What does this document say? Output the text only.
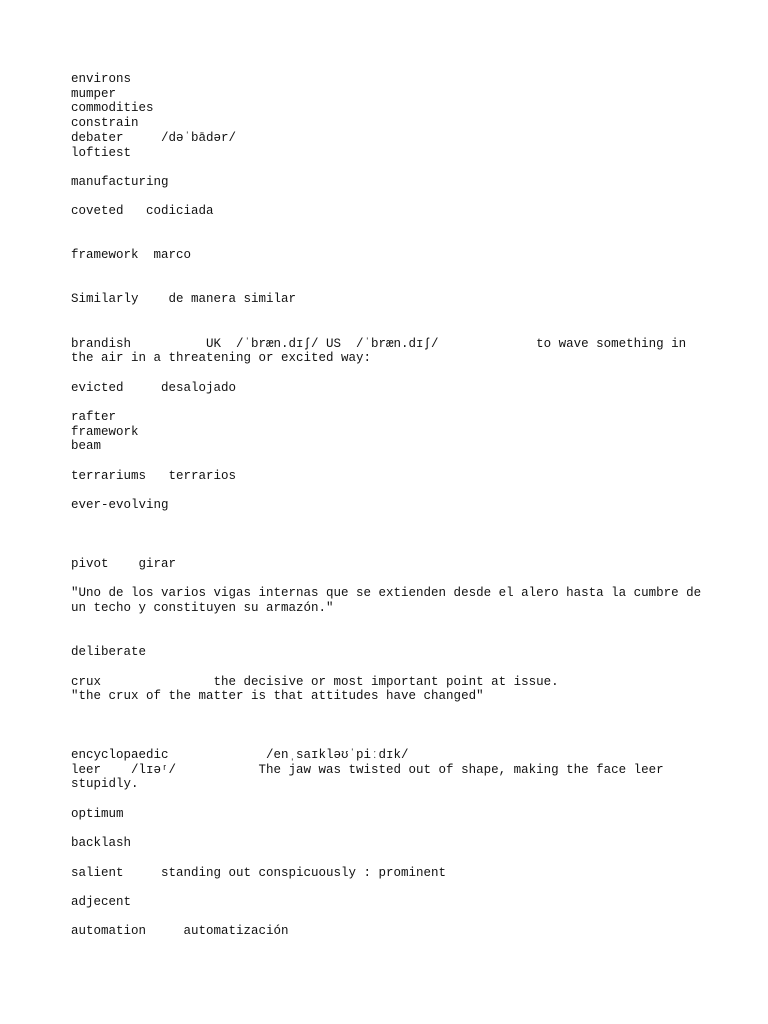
environs
mumper
commodities
constrain
debater     /dəˈbādər/
loftiest
manufacturing
coveted   codiciada
framework  marco
Similarly    de manera similar
brandish          UK  /ˈbræn.dɪʃ/ US  /ˈbræn.dɪʃ/             to wave something in the air in a threatening or excited way:
evicted     desalojado
rafter
framework
beam
terrariums   terrarios
ever-evolving
pivot    girar
"Uno de los varios vigas internas que se extienden desde el alero hasta la cumbre de un techo y constituyen su armazón."
deliberate
crux               the decisive or most important point at issue.
"the crux of the matter is that attitudes have changed"
encyclopaedic             /enˌsaɪkləʊˈpiːdɪk/
leer    /lɪəʳ/           The jaw was twisted out of shape, making the face leer stupidly.
optimum
backlash
salient     standing out conspicuously : prominent
adjecent
automation     automatización
